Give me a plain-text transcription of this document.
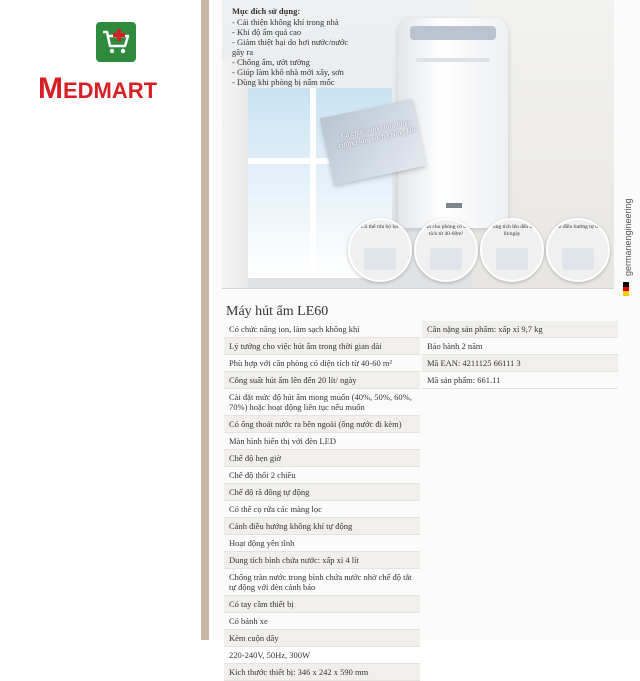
MEDMART
Mục đích sử dụng:
- Cải thiện không khí trong nhà
- Khi độ ẩm quá cao
- Giảm thiệt hại do hơi nước/nước
gây ra
- Chống ẩm, ướt tường
- Giúp làm khô nhà mới xây, sơn
- Dùng khi phòng bị nấm mốc
Có chức năng ion, tăng cường làm sạch không khí
Có thể rửa bộ lọc	Dành cho phòng có diện tích từ 40-60m²
Dung tích lên đến 20 lít/ngày
Cánh điều hướng tự động germanengineering
Máy hút ẩm LE60
Có chức năng ion, làm sạch không khí
Lý tưởng cho việc hút ẩm trong thời gian dài
Phù hợp với căn phòng có diện tích từ 40-60 m²
Công suất hút ẩm lên đến 20 lít/ ngày
Cài đặt mức độ hút ẩm mong muốn (40%, 50%, 60%, 70%) hoặc hoạt động liên tục nếu muốn
Có ống thoát nước ra bên ngoài (ống nước đi kèm)
Màn hình hiển thị với đèn LED
Chế độ hẹn giờ
Chế độ thổi 2 chiều
Chế độ rã đông tự động
Có thể cọ rửa các màng lọc
Cánh điều hướng không khí tự động
Hoạt động yên tĩnh
Dung tích bình chứa nước: xấp xỉ 4 lít
Chống tràn nước trong bình chứa nước nhờ chế độ tắt tự động với đèn cảnh báo
Có tay cầm thiết bị
Có bánh xe
Kèm cuộn dây
220-240V, 50Hz, 300W
Kích thước thiết bị: 346 x 242 x 590 mm
Cân nặng sản phẩm: xấp xỉ 9,7 kg
Bảo hành 2 năm
Mã EAN: 4211125 66111 3
Mã sản phẩm: 661.11
